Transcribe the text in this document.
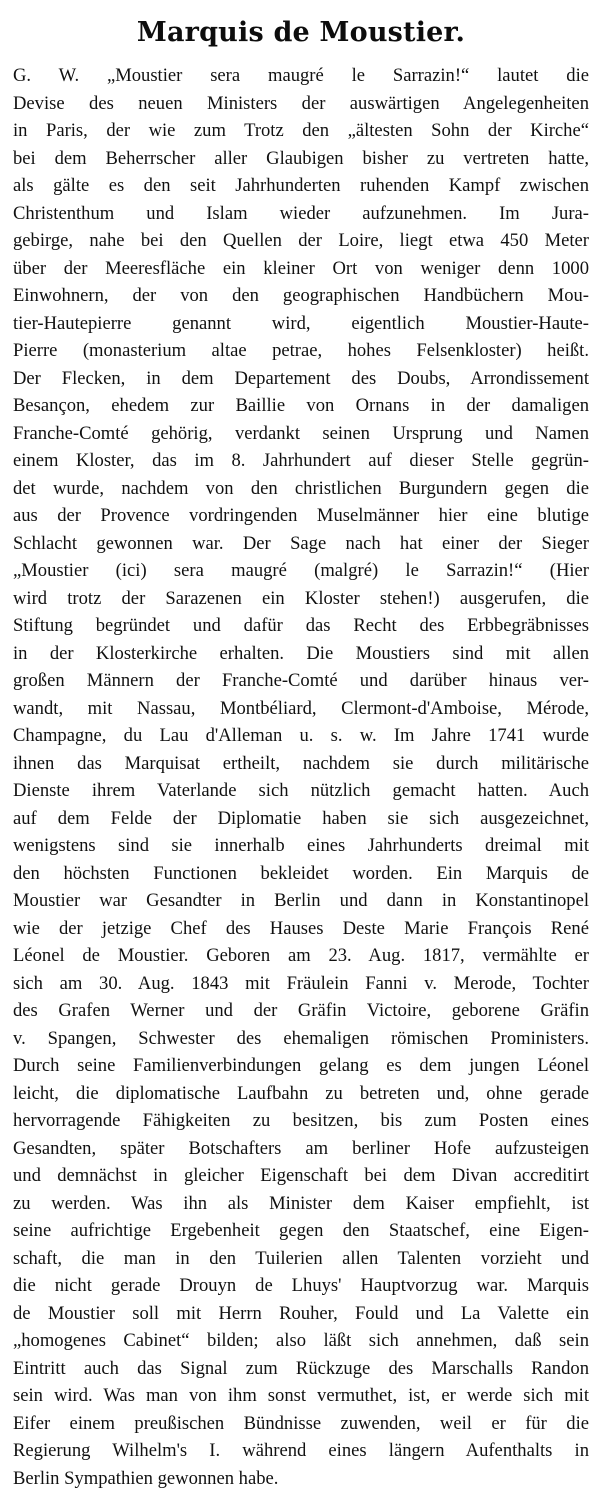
Marquis de Moustier.
G. W. „Moustier sera maugré le Sarrazin!“ lautet die
Devise des neuen Ministers der auswärtigen Angelegenheiten
in Paris, der wie zum Trotz den „ältesten Sohn der Kirche“
bei dem Beherrscher aller Glaubigen bisher zu vertreten hatte,
als gälte es den seit Jahrhunderten ruhenden Kampf zwischen
Christenthum und Islam wieder aufzunehmen. Im Jura-
gebirge, nahe bei den Quellen der Loire, liegt etwa 450 Meter
über der Meeresfläche ein kleiner Ort von weniger denn 1000
Einwohnern, der von den geographischen Handbüchern Mou-
tier-Hautepierre genannt wird, eigentlich Moustier-Haute-
Pierre (monasterium altae petrae, hohes Felsenkloster) heißt.
Der Flecken, in dem Departement des Doubs, Arrondissement
Besançon, ehedem zur Baillie von Ornans in der damaligen
Franche-Comté gehörig, verdankt seinen Ursprung und Namen
einem Kloster, das im 8. Jahrhundert auf dieser Stelle gegrün-
det wurde, nachdem von den christlichen Burgundern gegen die
aus der Provence vordringenden Muselmänner hier eine blutige
Schlacht gewonnen war. Der Sage nach hat einer der Sieger
„Moustier (ici) sera maugré (malgré) le Sarrazin!“ (Hier
wird trotz der Sarazenen ein Kloster stehen!) ausgerufen, die
Stiftung begründet und dafür das Recht des Erbbegräbnisses
in der Klosterkirche erhalten. Die Moustiers sind mit allen
großen Männern der Franche-Comté und darüber hinaus ver-
wandt, mit Nassau, Montbéliard, Clermont-d'Amboise, Mérode,
Champagne, du Lau d'Alleman u. s. w. Im Jahre 1741 wurde
ihnen das Marquisat ertheilt, nachdem sie durch militärische
Dienste ihrem Vaterlande sich nützlich gemacht hatten. Auch
auf dem Felde der Diplomatie haben sie sich ausgezeichnet,
wenigstens sind sie innerhalb eines Jahrhunderts dreimal mit
den höchsten Functionen bekleidet worden. Ein Marquis de
Moustier war Gesandter in Berlin und dann in Konstantinopel
wie der jetzige Chef des Hauses Deste Marie François René
Léonel de Moustier. Geboren am 23. Aug. 1817, vermählte er
sich am 30. Aug. 1843 mit Fräulein Fanni v. Merode, Tochter
des Grafen Werner und der Gräfin Victoire, geborene Gräfin
v. Spangen, Schwester des ehemaligen römischen Proministers.
Durch seine Familienverbindungen gelang es dem jungen Léonel
leicht, die diplomatische Laufbahn zu betreten und, ohne gerade
hervorragende Fähigkeiten zu besitzen, bis zum Posten eines
Gesandten, später Botschafters am berliner Hofe aufzusteigen
und demnächst in gleicher Eigenschaft bei dem Divan accreditirt
zu werden. Was ihn als Minister dem Kaiser empfiehlt, ist
seine aufrichtige Ergebenheit gegen den Staatschef, eine Eigen-
schaft, die man in den Tuilerien allen Talenten vorzieht und
die nicht gerade Drouyn de Lhuys' Hauptvorzug war. Marquis
de Moustier soll mit Herrn Rouher, Fould und La Valette ein
„homogenes Cabinet“ bilden; also läßt sich annehmen, daß sein
Eintritt auch das Signal zum Rückzuge des Marschalls Randon
sein wird. Was man von ihm sonst vermuthet, ist, er werde sich mit
Eifer einem preußischen Bündnisse zuwenden, weil er für die
Regierung Wilhelm's I. während eines längern Aufenthalts in
Berlin Sympathien gewonnen habe.
